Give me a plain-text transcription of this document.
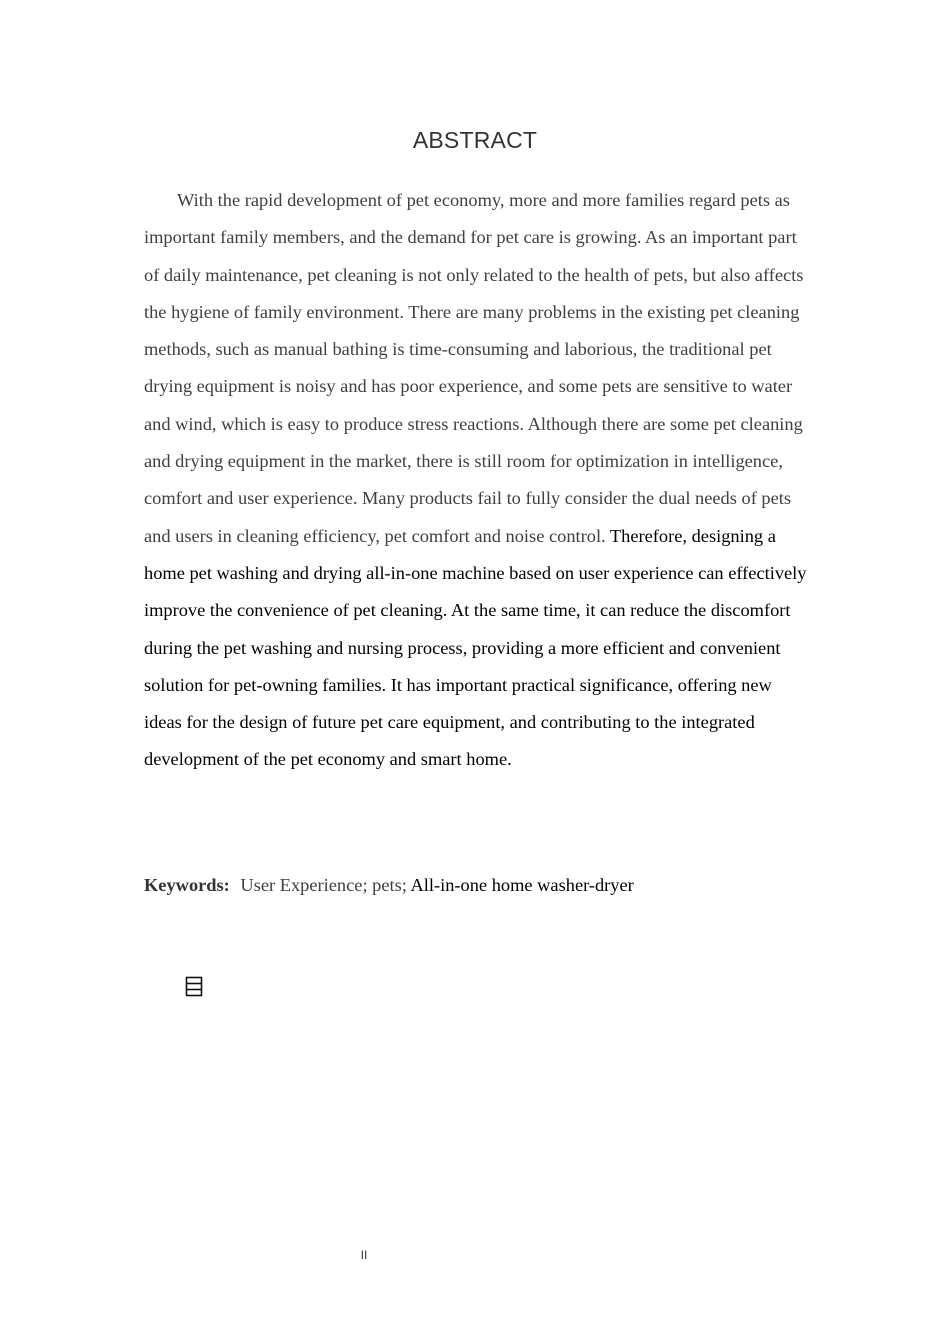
ABSTRACT

With the rapid development of pet economy, more and more families regard pets as important family members, and the demand for pet care is growing. As an important part of daily maintenance, pet cleaning is not only related to the health of pets, but also affects the hygiene of family environment. There are many problems in the existing pet cleaning methods, such as manual bathing is time-consuming and laborious, the traditional pet drying equipment is noisy and has poor experience, and some pets are sensitive to water and wind, which is easy to produce stress reactions. Although there are some pet cleaning and drying equipment in the market, there is still room for optimization in intelligence, comfort and user experience. Many products fail to fully consider the dual needs of pets and users in cleaning efficiency, pet comfort and noise control. Therefore, designing a home pet washing and drying all-in-one machine based on user experience can effectively improve the convenience of pet cleaning. At the same time, it can reduce the discomfort during the pet washing and nursing process, providing a more efficient and convenient solution for pet-owning families. It has important practical significance, offering new ideas for the design of future pet care equipment, and contributing to the integrated development of the pet economy and smart home.

Keywords: User Experience; pets; All-in-one home washer-dryer

II
